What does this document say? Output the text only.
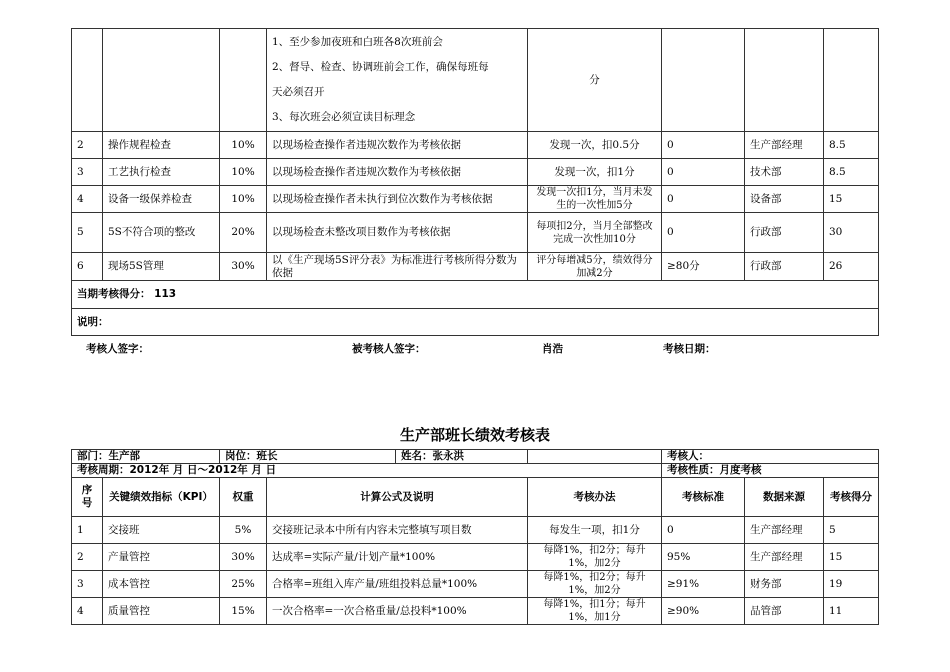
			1、至少参加夜班和白班各8次班前会

2、督导、检查、协调班前会工作，确保每班每

天必须召开

3、每次班会必须宣读目标理念	分			
2	操作规程检查	10%	以现场检查操作者违规次数作为考核依据	发现一次，扣0.5分	0	生产部经理	8.5
3	工艺执行检查	10%	以现场检查操作者违规次数作为考核依据	发现一次，扣1分	0	技术部	8.5
4	设备一级保养检查	10%	以现场检查操作者未执行到位次数作为考核依据	发现一次扣1分，当月未发生的一次性加5分	0	设备部	15
5	5S不符合项的整改	20%	以现场检查未整改项目数作为考核依据	每项扣2分，当月全部整改完成一次性加10分	0	行政部	30
6	现场5S管理	30%	以《生产现场5S评分表》为标准进行考核所得分数为依据	评分每增减5分，绩效得分加减2分	≥80分	行政部	26
当期考核得分： 113							
说明：							
考核人签字：	被考核人签字：	肖浩	考核日期：
生产部班长绩效考核表
部门：生产部		岗位：班长 姓名：张永洪			考核人：		
考核周期：2012年 月 日～2012年 月 日					考核性质：月度考核		
序号	关键绩效指标（KPI）	权重	计算公式及说明	考核办法	考核标准	数据来源	考核得分
1	交接班	5%	交接班记录本中所有内容未完整填写项目数	每发生一项，扣1分	0	生产部经理	5
2	产量管控	30%	达成率=实际产量/计划产量*100%	每降1%，扣2分；每升1%，加2分	95%	生产部经理	15
3	成本管控	25%	合格率=班组入库产量/班组投料总量*100%	每降1%，扣2分；每升1%，加2分	≥91%	财务部	19
4	质量管控	15%	一次合格率=一次合格重量/总投料*100%	每降1%，扣1分；每升1%，加1分	≥90%	品管部	11
